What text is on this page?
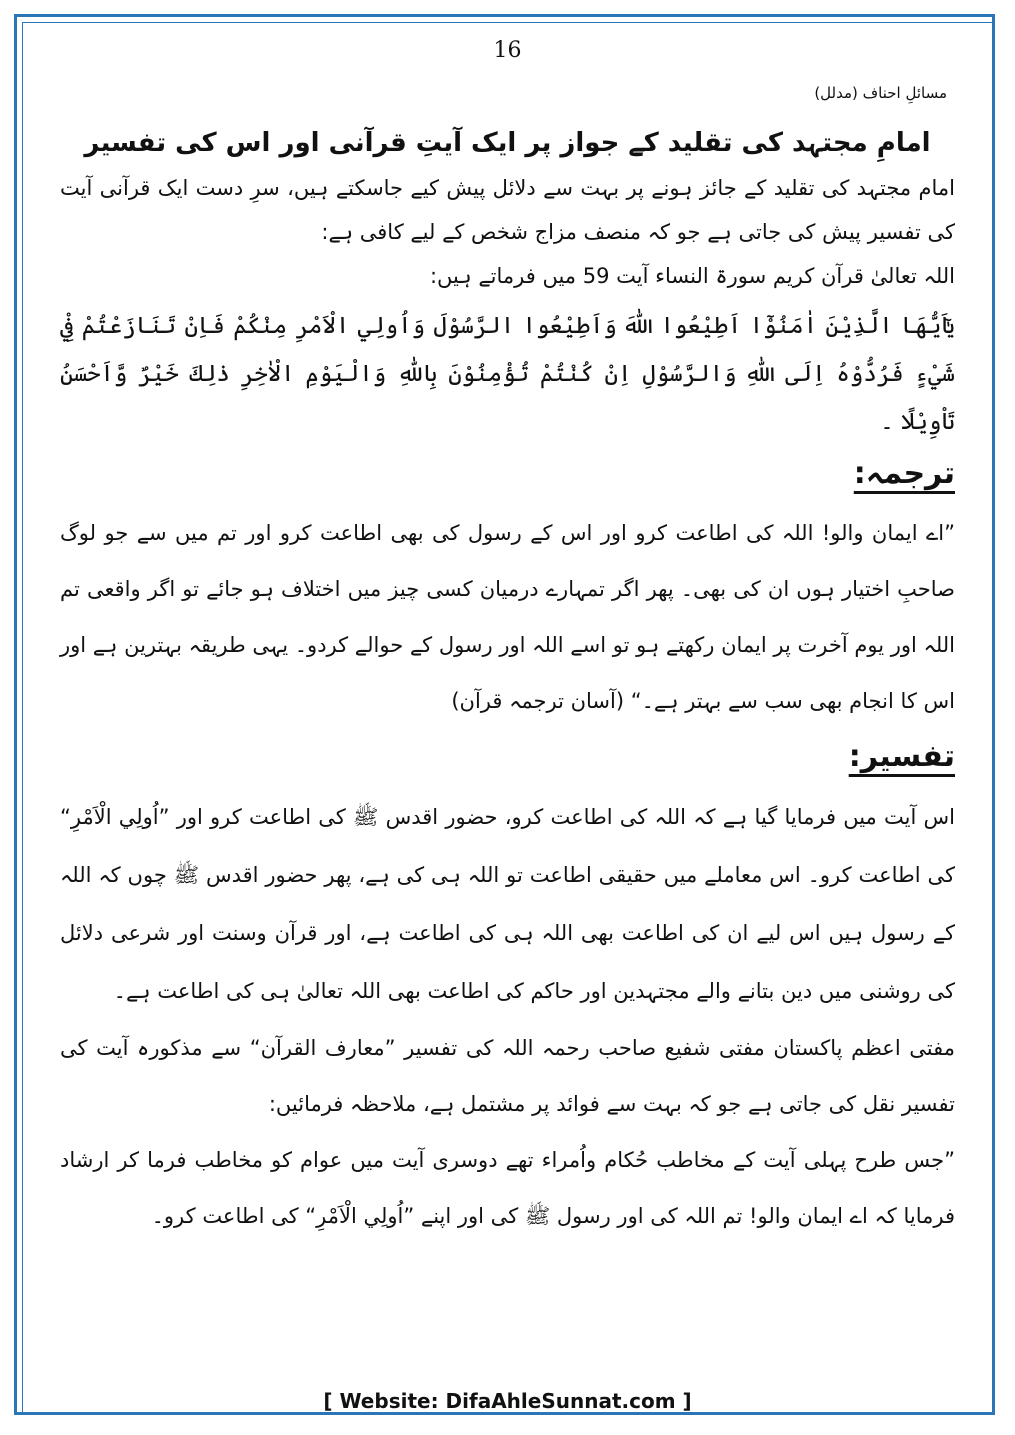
16
مسائلِ احناف (مدلل)
امامِ مجتہد کی تقلید کے جواز پر ایک آیتِ قرآنی اور اس کی تفسیر

امام مجتہد کی تقلید کے جائز ہونے پر بہت سے دلائل پیش کیے جاسکتے ہیں، سرِ دست ایک قرآنی آیت کی تفسیر پیش کی جاتی ہے جو کہ منصف مزاج شخص کے لیے کافی ہے:

اللہ تعالیٰ قرآن کریم سورۃ النساء آیت 59 میں فرماتے ہیں:

يٰٓاَيُّهَا الَّذِيْنَ اٰمَنُوْٓا اَطِيْعُوا اللّٰهَ وَاَطِيْعُوا الرَّسُوْلَ وَاُولِي الْاَمْرِ مِنْكُمْ فَاِنْ تَنَازَعْتُمْ فِيْ شَيْءٍ فَرُدُّوْهُ اِلَى اللّٰهِ وَالرَّسُوْلِ اِنْ كُنْتُمْ تُؤْمِنُوْنَ بِاللّٰهِ وَالْيَوْمِ الْاٰخِرِ ذٰلِكَ خَيْرٌ وَّاَحْسَنُ تَاْوِيْلًا ۔

ترجمہ:

”اے ایمان والو! اللہ کی اطاعت کرو اور اس کے رسول کی بھی اطاعت کرو اور تم میں سے جو لوگ صاحبِ اختیار ہوں ان کی بھی۔ پھر اگر تمہارے درمیان کسی چیز میں اختلاف ہو جائے تو اگر واقعی تم اللہ اور یوم آخرت پر ایمان رکھتے ہو تو اسے اللہ اور رسول کے حوالے کردو۔ یہی طریقہ بہترین ہے اور اس کا انجام بھی سب سے بہتر ہے۔“ (آسان ترجمہ قرآن)

تفسیر:

اس آیت میں فرمایا گیا ہے کہ اللہ کی اطاعت کرو، حضور اقدس ﷺ کی اطاعت کرو اور ”اُولِي الْاَمْرِ“ کی اطاعت کرو۔ اس معاملے میں حقیقی اطاعت تو اللہ ہی کی ہے، پھر حضور اقدس ﷺ چوں کہ اللہ کے رسول ہیں اس لیے ان کی اطاعت بھی اللہ ہی کی اطاعت ہے، اور قرآن وسنت اور شرعی دلائل کی روشنی میں دین بتانے والے مجتہدین اور حاکم کی اطاعت بھی اللہ تعالیٰ ہی کی اطاعت ہے۔

مفتی اعظم پاکستان مفتی شفیع صاحب رحمہ اللہ کی تفسیر ”معارف القرآن“ سے مذکورہ آیت کی تفسیر نقل کی جاتی ہے جو کہ بہت سے فوائد پر مشتمل ہے، ملاحظہ فرمائیں:

”جس طرح پہلی آیت کے مخاطب حُکام واُمراء تھے دوسری آیت میں عوام کو مخاطب فرما کر ارشاد فرمایا کہ اے ایمان والو! تم اللہ کی اور رسول ﷺ کی اور اپنے ”اُولِي الْاَمْرِ“ کی اطاعت کرو۔

[ Website: DifaAhleSunnat.com ]
